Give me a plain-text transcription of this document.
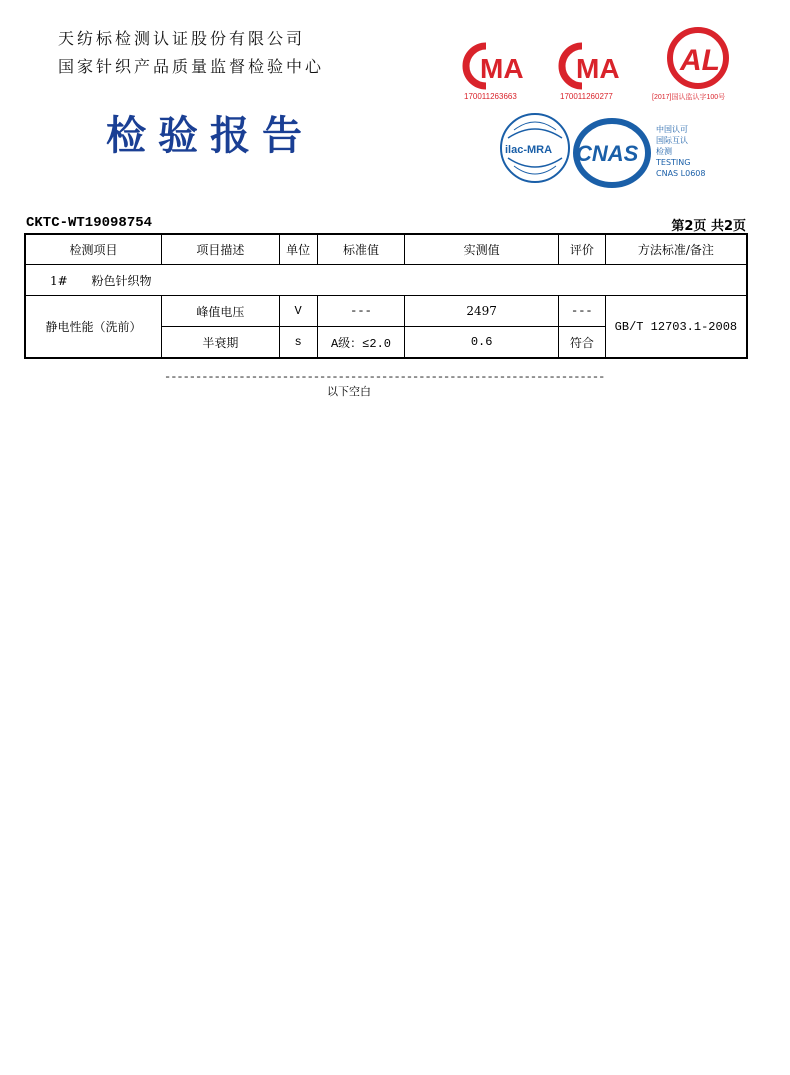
天纺标检测认证股份有限公司
国家针织产品质量监督检验中心
检验报告
MA
170011263663
MA
170011260277
AL
[2017]国认监认字100号
ilac-MRA CNAS
中国认可
国际互认
检测
TESTING
CNAS L0608
CKTC-WT19098754	第2页 共2页
检测项目	项目描述	单位	标准值	实测值	评价	方法标准/备注
1# 粉色针织物						
静电性能（洗前）	峰值电压	V	---	2497	---	GB/T 12703.1-2008
	半衰期	s	A级：≤2.0	0.6	符合	
-----------------------------------------------------------------------
以下空白
